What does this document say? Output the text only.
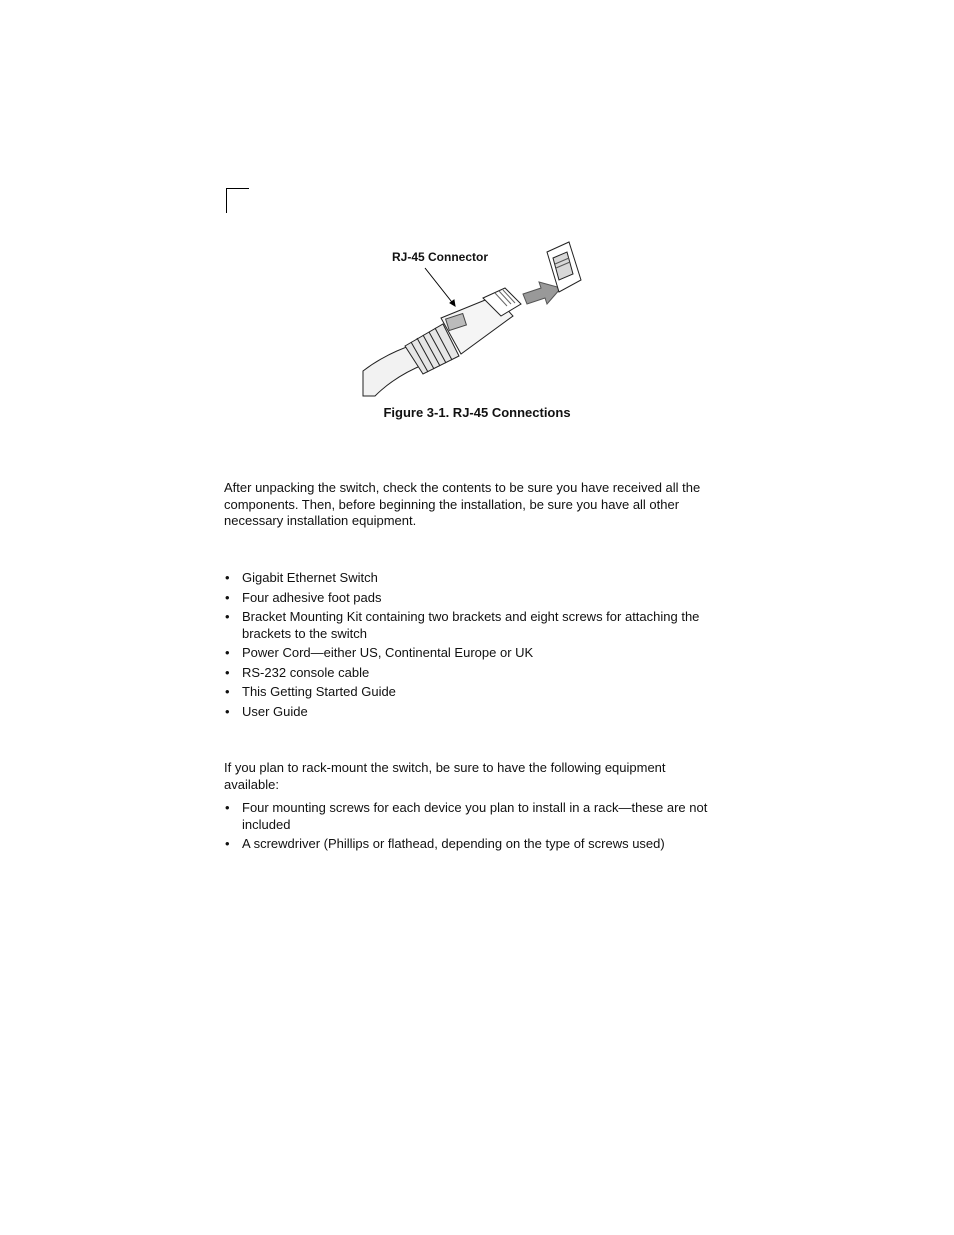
RJ-45 Connector
Figure 3-1. RJ-45 Connections

After unpacking the switch, check the contents to be sure you have received all the components. Then, before beginning the installation, be sure you have all other necessary installation equipment.

• Gigabit Ethernet Switch
• Four adhesive foot pads
• Bracket Mounting Kit containing two brackets and eight screws for attaching the brackets to the switch
• Power Cord—either US, Continental Europe or UK
• RS-232 console cable
• This Getting Started Guide
• User Guide

If you plan to rack-mount the switch, be sure to have the following equipment available:

• Four mounting screws for each device you plan to install in a rack—these are not included
• A screwdriver (Phillips or flathead, depending on the type of screws used)
